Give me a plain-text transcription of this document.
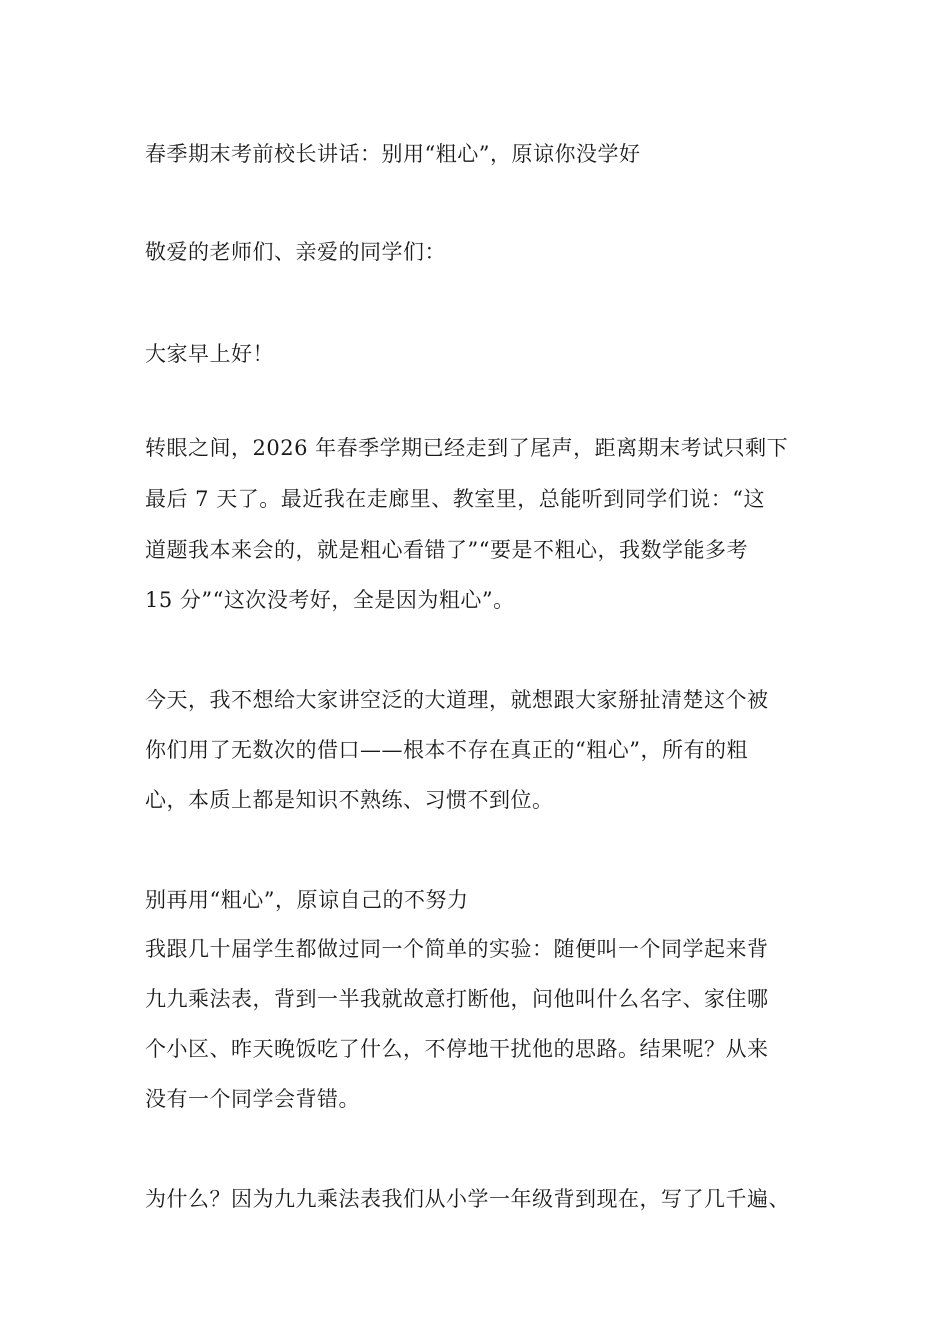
春季期末考前校长讲话：别用“粗心”，原谅你没学好
敬爱的老师们、亲爱的同学们：
大家早上好！
转眼之间，2026 年春季学期已经走到了尾声，距离期末考试只剩下
最后 7 天了。最近我在走廊里、教室里，总能听到同学们说：“这
道题我本来会的，就是粗心看错了”“要是不粗心，我数学能多考
15 分”“这次没考好，全是因为粗心”。
今天，我不想给大家讲空泛的大道理，就想跟大家掰扯清楚这个被
你们用了无数次的借口——根本不存在真正的“粗心”，所有的粗
心，本质上都是知识不熟练、习惯不到位。
别再用“粗心”，原谅自己的不努力
我跟几十届学生都做过同一个简单的实验：随便叫一个同学起来背
九九乘法表，背到一半我就故意打断他，问他叫什么名字、家住哪
个小区、昨天晚饭吃了什么，不停地干扰他的思路。结果呢？从来
没有一个同学会背错。
为什么？因为九九乘法表我们从小学一年级背到现在，写了几千遍、
